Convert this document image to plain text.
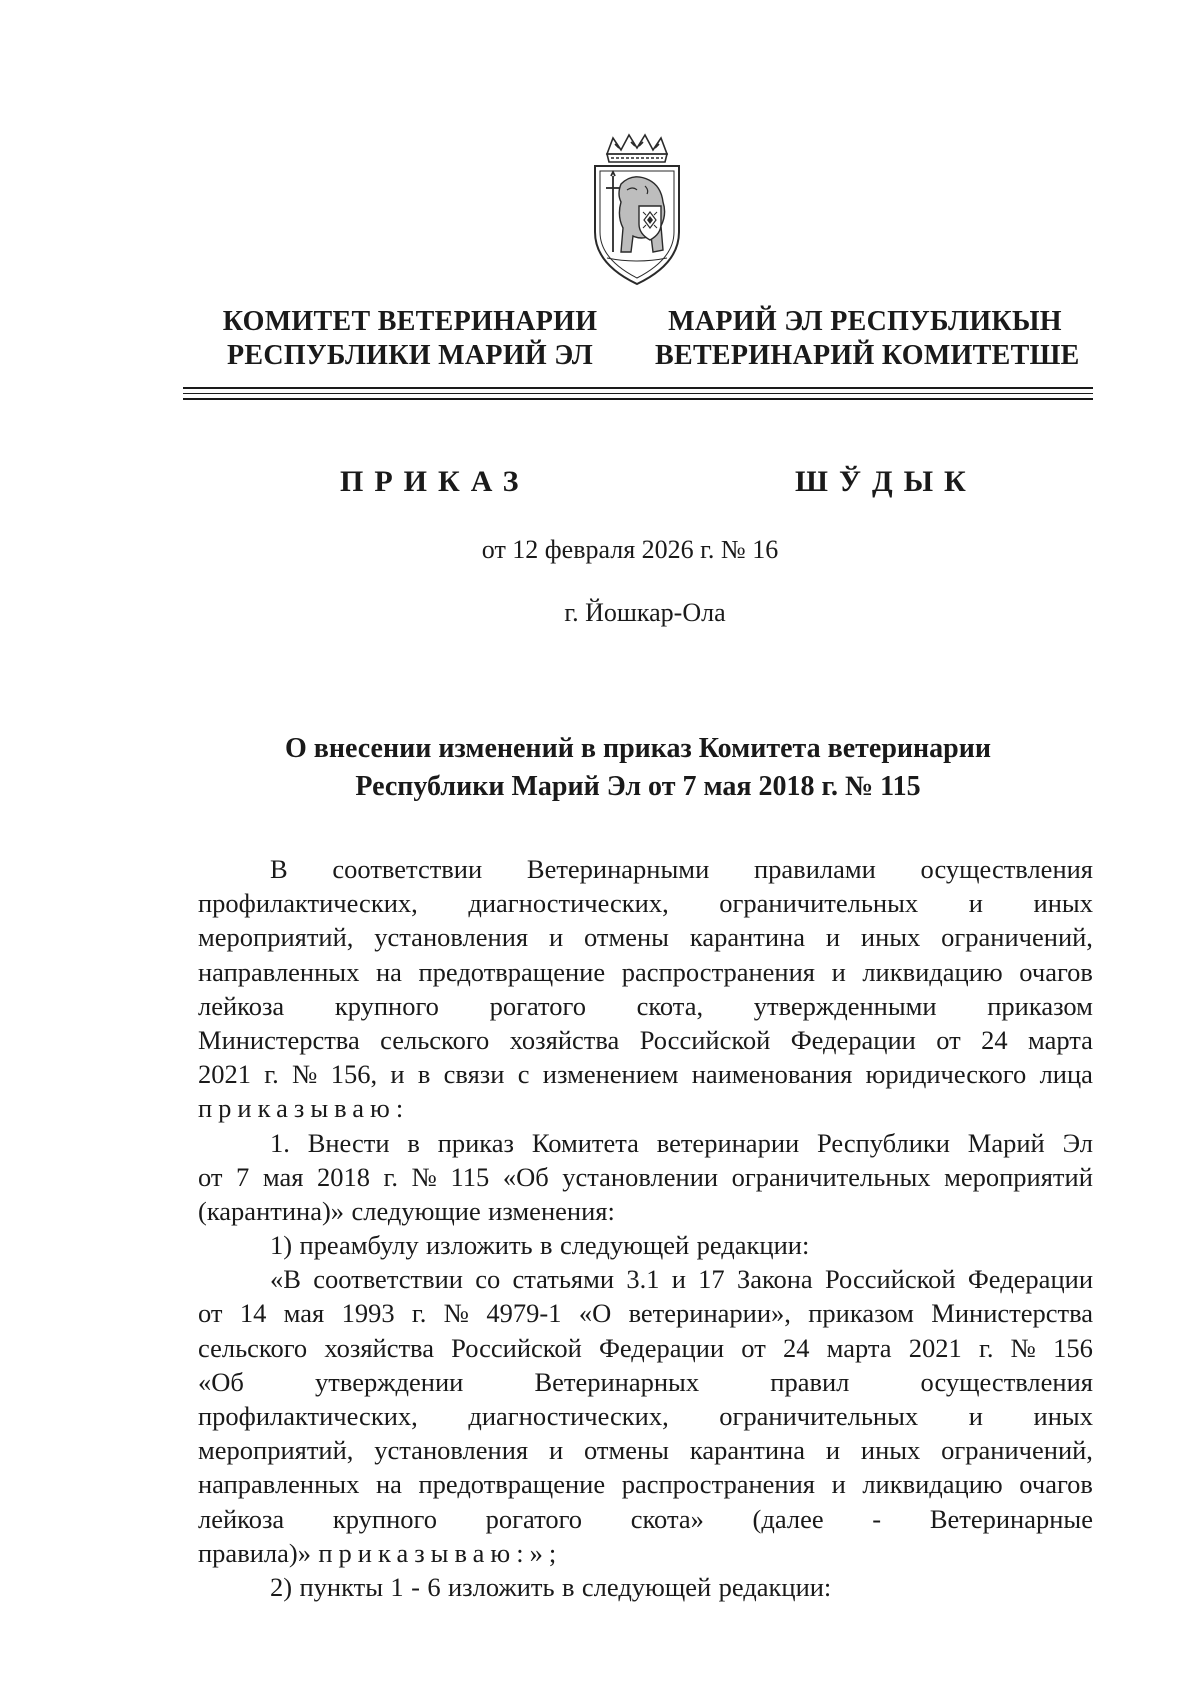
КОМИТЕТ ВЕТЕРИНАРИИ
РЕСПУБЛИКИ МАРИЙ ЭЛ
МАРИЙ ЭЛ РЕСПУБЛИКЫН
ВЕТЕРИНАРИЙ КОМИТЕТШЕ
ПРИКАЗ	ШЎДЫК
от 12 февраля 2026 г. № 16
г. Йошкар-Ола
О внесении изменений в приказ Комитета ветеринарии
Республики Марий Эл от 7 мая 2018 г. № 115
В соответствии Ветеринарными правилами осуществления
профилактических, диагностических, ограничительных и иных
мероприятий, установления и отмены карантина и иных ограничений,
направленных на предотвращение распространения и ликвидацию очагов
лейкоза крупного рогатого скота, утвержденными приказом
Министерства сельского хозяйства Российской Федерации от 24 марта
2021 г. № 156, и в связи с изменением наименования юридического лица
приказываю:
1. Внести в приказ Комитета ветеринарии Республики Марий Эл
от 7 мая 2018 г. № 115 «Об установлении ограничительных мероприятий
(карантина)» следующие изменения:
1) преамбулу изложить в следующей редакции:
«В соответствии со статьями 3.1 и 17 Закона Российской Федерации
от 14 мая 1993 г. № 4979-1 «О ветеринарии», приказом Министерства
сельского хозяйства Российской Федерации от 24 марта 2021 г. № 156
«Об	утверждении	Ветеринарных	правил	осуществления
профилактических, диагностических, ограничительных и иных
мероприятий, установления и отмены карантина и иных ограничений,
направленных на предотвращение распространения и ликвидацию очагов
лейкоза крупного рогатого скота» (далее - Ветеринарные
правила)» приказываю:»;
2) пункты 1 - 6 изложить в следующей редакции:
